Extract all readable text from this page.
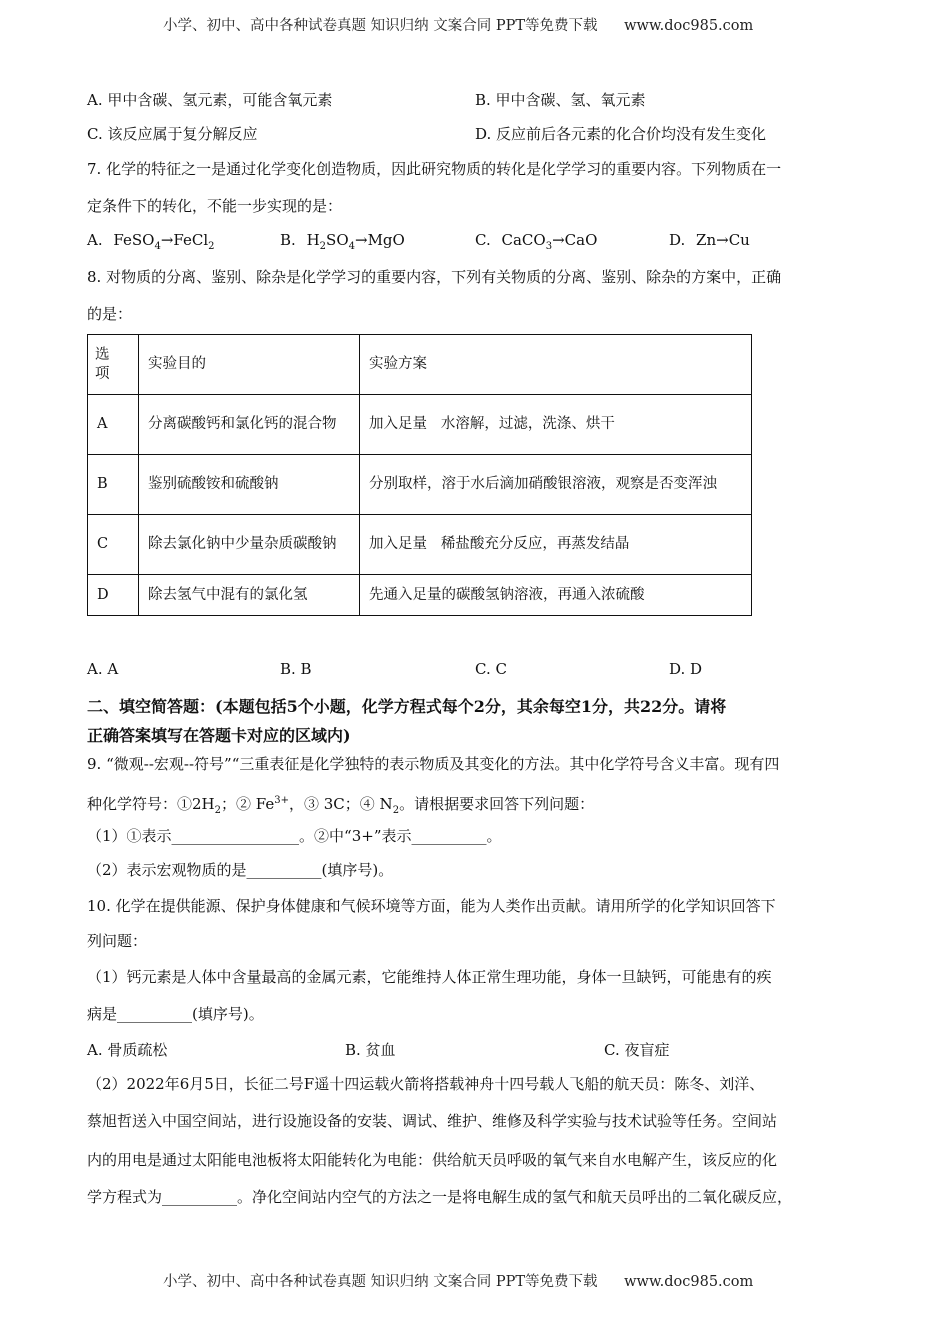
小学、初中、高中各种试卷真题 知识归纳 文案合同 PPT等免费下载 www.doc985.com
A. 甲中含碳、氢元素，可能含氧元素	B. 甲中含碳、氢、氧元素
C. 该反应属于复分解反应	D. 反应前后各元素的化合价均没有发生变化
7. 化学的特征之一是通过化学变化创造物质，因此研究物质的转化是化学学习的重要内容。下列物质在一
定条件下的转化，不能一步实现的是：
A. FeSO$_4$→FeCl$_2$	B. $H_2SO_4\to MgO$	C. CaCO$_3$→CaO	D. Zn→Cu
8. 对物质的分离、鉴别、除杂是化学学习的重要内容，下列有关物质的分离、鉴别、除杂的方案中，正确
的是：
选项	实验目的	实验方案
A	分离碳酸钙和氯化钙的混合物	加入足量   水溶解，过滤，洗涤、烘干
B	鉴别硫酸铵和硫酸钠	分别取样，溶于水后滴加硝酸银溶液，观察是否变浑浊
C	除去氯化钠中少量杂质碳酸钠	加入足量   稀盐酸充分反应，再蒸发结晶
D	除去氢气中混有的氯化氢	先通入足量的碳酸氢钠溶液，再通入浓硫酸
A. A	B. B	C. C	D. D
二、填空简答题：(本题包括5个小题，化学方程式每个2分，其余每空1分，共22分。请将
正确答案填写在答题卡对应的区域内)
9. “微观--宏观--符号”“三重表征是化学独特的表示物质及其变化的方法。其中化学符号含义丰富。现有四
种化学符号：$①2H_2$；② $Fe^{3+}$，③ 3C；④ $N_2$。请根据要求回答下列问题：
（1）①表示_________________。②中“3+”表示__________。
（2）表示宏观物质的是__________(填序号)。
10. 化学在提供能源、保护身体健康和气候环境等方面，能为人类作出贡献。请用所学的化学知识回答下
列问题：
（1）钙元素是人体中含量最高的金属元素，它能维持人体正常生理功能，身体一旦缺钙，可能患有的疾
病是__________(填序号)。
A. 骨质疏松	B. 贫血	C. 夜盲症
（2）2022年6月5日，长征二号F遥十四运载火箭将搭载神舟十四号载人飞船的航天员：陈冬、刘洋、
蔡旭哲送入中国空间站，进行设施设备的安装、调试、维护、维修及科学实验与技术试验等任务。空间站
内的用电是通过太阳能电池板将太阳能转化为电能：供给航天员呼吸的氧气来自水电解产生，该反应的化
学方程式为__________。净化空间站内空气的方法之一是将电解生成的氢气和航天员呼出的二氧化碳反应，
小学、初中、高中各种试卷真题 知识归纳 文案合同 PPT等免费下载 www.doc985.com
